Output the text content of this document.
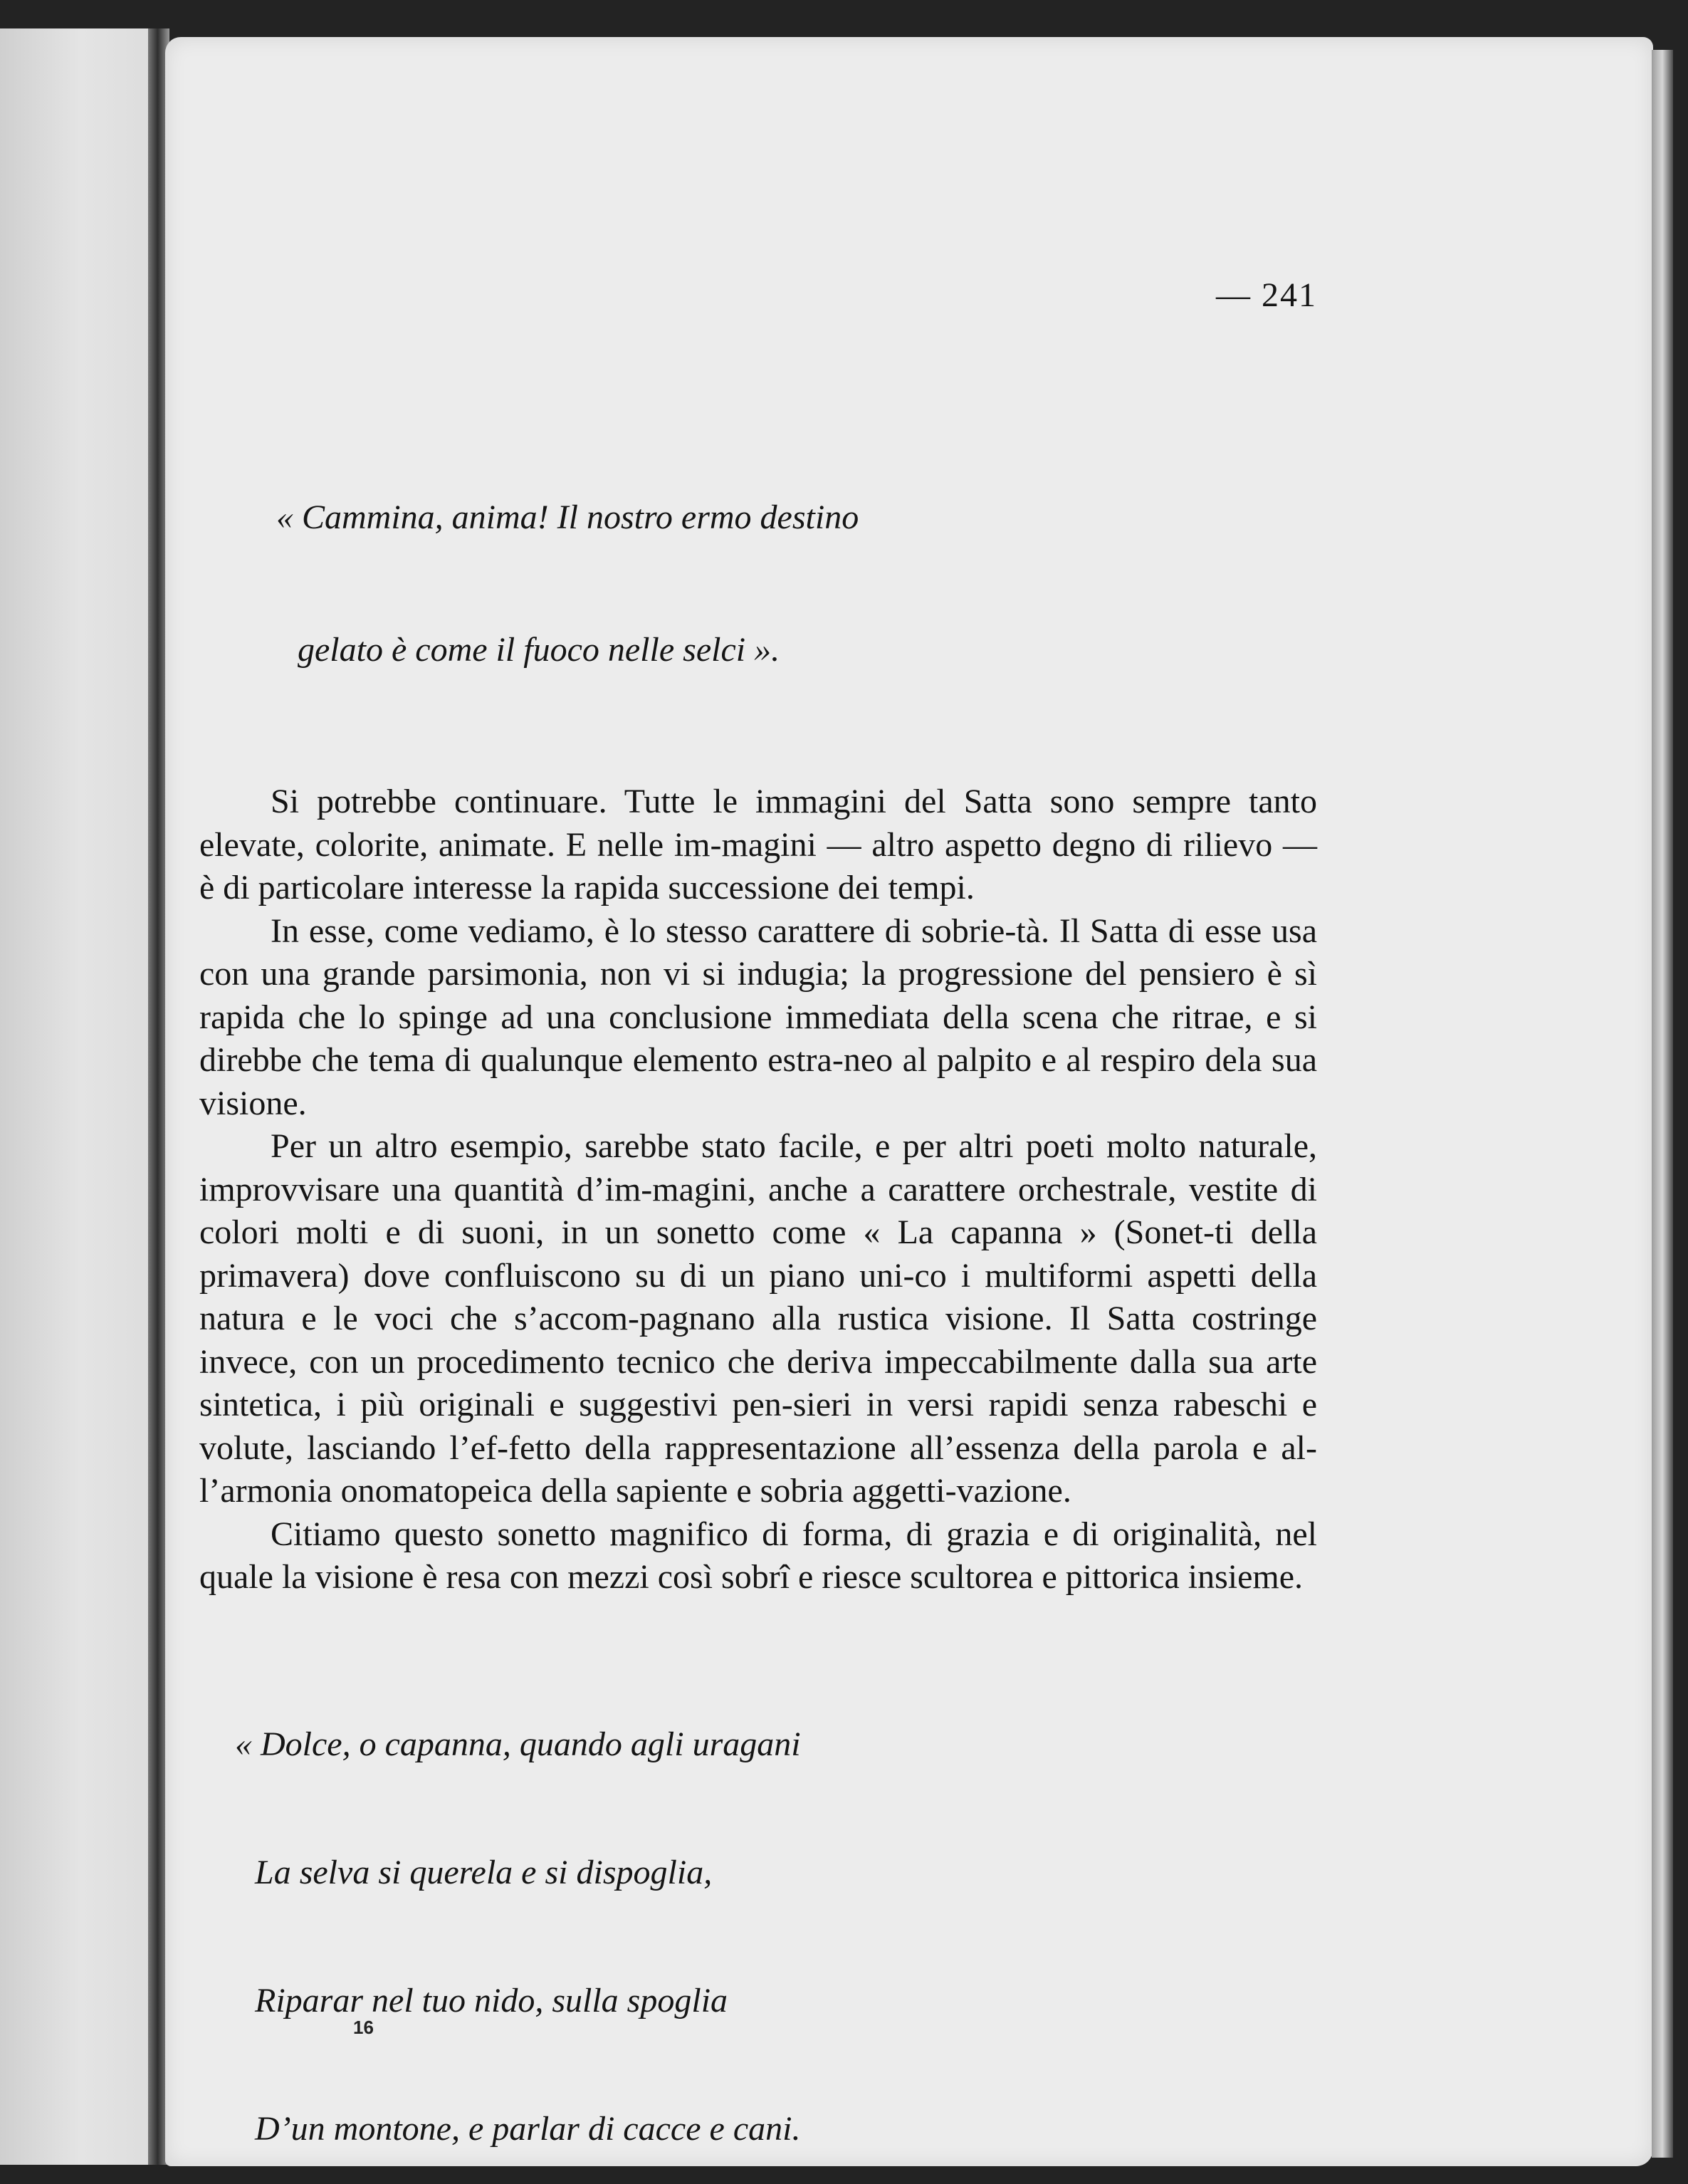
— 241

« Cammina, anima! Il nostro ermo destino

gelato è come il fuoco nelle selci ».

Si potrebbe continuare. Tutte le immagini del Satta sono sempre tanto elevate, colorite, animate. E nelle im-magini — altro aspetto degno di rilievo — è di particolare interesse la rapida successione dei tempi.

In esse, come vediamo, è lo stesso carattere di sobrie-tà. Il Satta di esse usa con una grande parsimonia, non vi si indugia; la progressione del pensiero è sì rapida che lo spinge ad una conclusione immediata della scena che ritrae, e si direbbe che tema di qualunque elemento estra-neo al palpito e al respiro dela sua visione.

Per un altro esempio, sarebbe stato facile, e per altri poeti molto naturale, improvvisare una quantità d’im-magini, anche a carattere orchestrale, vestite di colori molti e di suoni, in un sonetto come « La capanna » (Sonet-ti della primavera) dove confluiscono su di un piano uni-co i multiformi aspetti della natura e le voci che s’accom-pagnano alla rustica visione. Il Satta costringe invece, con un procedimento tecnico che deriva impeccabilmente dalla sua arte sintetica, i più originali e suggestivi pen-sieri in versi rapidi senza rabeschi e volute, lasciando l’ef-fetto della rappresentazione all’essenza della parola e al-l’armonia onomatopeica della sapiente e sobria aggetti-vazione.

Citiamo questo sonetto magnifico di forma, di grazia e di originalità, nel quale la visione è resa con mezzi così sobrî e riesce scultorea e pittorica insieme.

« Dolce, o capanna, quando agli uragani

La selva si querela e si dispoglia,

Riparar nel tuo nido, sulla spoglia

D’un montone, e parlar di cacce e cani.

16
